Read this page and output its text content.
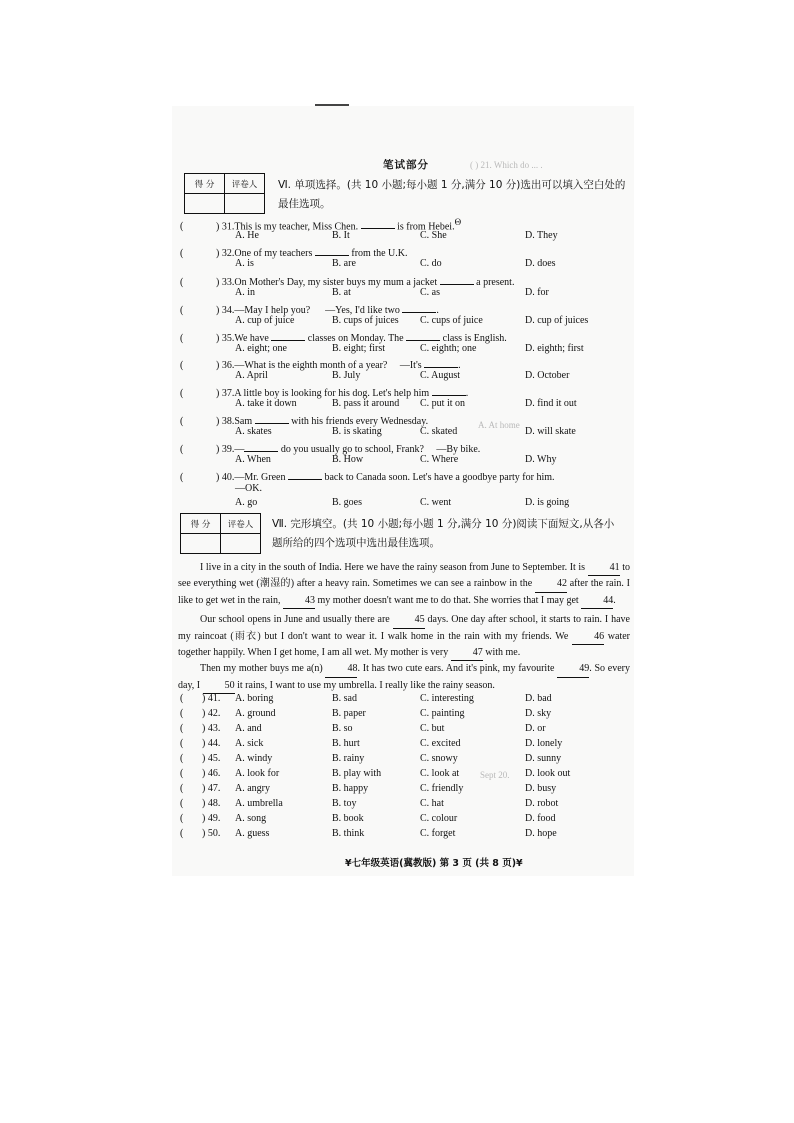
( ) 21. Which do ... .
A. At home
Sept 20.
笔试部分
得 分	评卷人
	Ⅵ. 单项选择。(共 10 小题;每小题 1 分,满分 10 分)选出可以填入空白处的
最佳选项。
(	) 31.This is my teacher, Miss Chen.	is from Hebei.Θ
A. He	B. It	C. She	D. They
(	) 32.One of my teachers	from the U.K.
A. is	B. are	C. do	D. does
(	) 33.On Mother's Day, my sister buys my mum a jacket	a present.
A. in	B. at	C. as	D. for
(	) 34.—May I help you?      —Yes, I'd like two	.
A. cup of juice	B. cups of juices C. cups of juice	D. cup of juices
(	) 35.We have	classes on Monday. The	class is English.
A. eight; one	B. eight; first	C. eighth; one	D. eighth; first
(	) 36.—What is the eighth month of a year?     —It's	.
A. April	B. July	C. August	D. October
(	) 37.A little boy is looking for his dog. Let's help him	.
A. take it down	B. pass it around C. put it on	D. find it out
(	) 38.Sam	with his friends every Wednesday.
A. skates	B. is skating	C. skated	D. will skate
(	) 39.—	do you usually go to school, Frank?     —By bike.
A. When	B. How	C. Where	D. Why
(	) 40.—Mr. Green	back to Canada soon. Let's have a goodbye party for him.
—OK.
A. go	B. goes	C. went	D. is going
得 分	评卷人
	Ⅶ. 完形填空。(共 10 小题;每小题 1 分,满分 10 分)阅读下面短文,从各小
题所给的四个选项中选出最佳选项。

I live in a city in the south of India. Here we have the rainy season from June to September. It is 41 to see everything wet (潮湿的) after a heavy rain. Sometimes we can see a rainbow in the 42 after the rain. I like to get wet in the rain, 43 my mother doesn't want me to do that. She worries that I may get 44.

Our school opens in June and usually there are 45 days. One day after school, it starts to rain. I have my raincoat (雨衣) but I don't want to wear it. I walk home in the rain with my friends. We 46 water together happily. When I get home, I am all wet. My mother is very 47 with me.

Then my mother buys me a(n) 48. It has two cute ears. And it's pink, my favourite 49. So every day, I 50 it rains, I want to use my umbrella. I really like the rainy season.

( ) 41. A. boring	B. sad	C. interesting	D. bad
( ) 42. A. ground	B. paper	C. painting	D. sky
( ) 43. A. and	B. so	C. but	D. or
( ) 44. A. sick	B. hurt	C. excited	D. lonely
( ) 45. A. windy	B. rainy	C. snowy	D. sunny
( ) 46. A. look for	B. play with	C. look at	D. look out
( ) 47. A. angry	B. happy	C. friendly	D. busy
( ) 48. A. umbrella	B. toy	C. hat	D. robot
( ) 49. A. song	B. book	C. colour	D. food
( ) 50. A. guess	B. think	C. forget	D. hope
¥七年级英语(冀教版) 第 3 页 (共 8 页)¥
